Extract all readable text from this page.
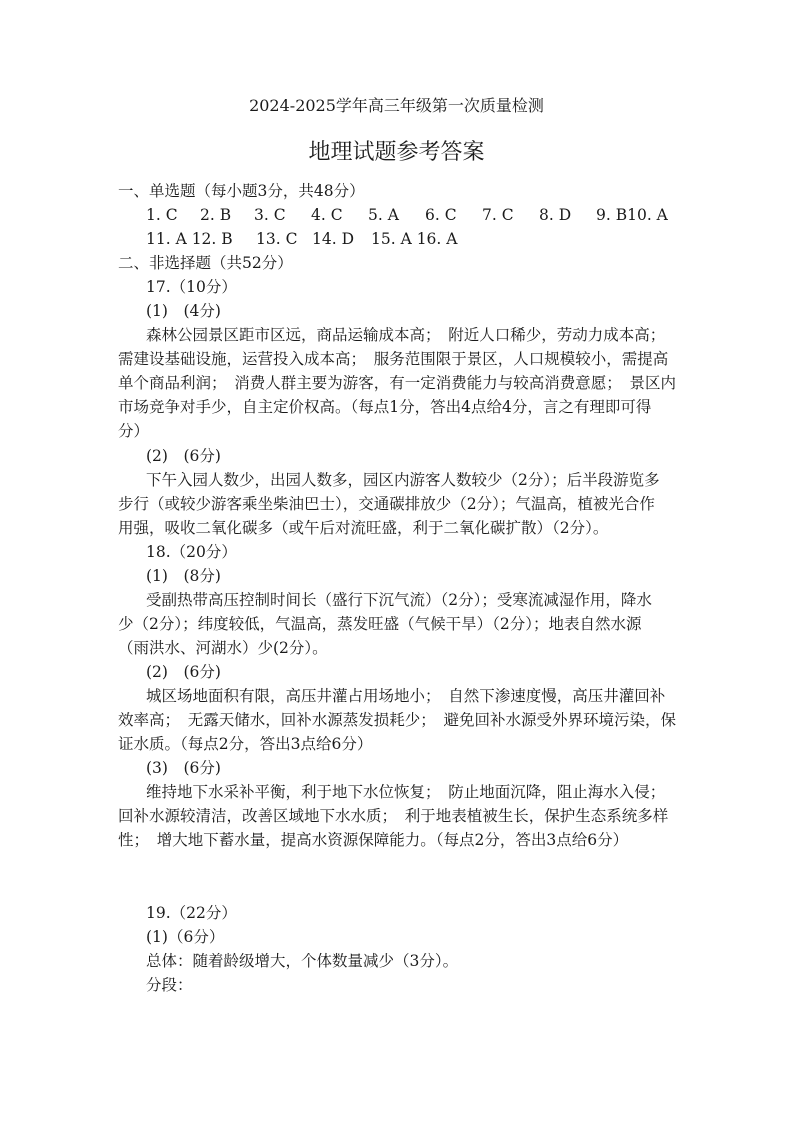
2024-2025学年高三年级第一次质量检测
地理试题参考答案
一、单选题（每小题3分，共48分）
1. C 2. B 3. C 4. C 5. A 6. C 7. C 8. D 9. B10. A
11. A 12. B 13. C 14. D 15. A 16. A
二、非选择题（共52分）
17.（10分）
(1)　(4分)
森林公园景区距市区远，商品运输成本高；　附近人口稀少，劳动力成本高；
需建设基础设施，运营投入成本高；　服务范围限于景区，人口规模较小，需提高
单个商品利润；　消费人群主要为游客，有一定消费能力与较高消费意愿；　景区内
市场竞争对手少，自主定价权高。（每点1分，答出4点给4分，言之有理即可得
分）
(2)　(6分)
下午入园人数少，出园人数多，园区内游客人数较少（2分）；后半段游览多
步行（或较少游客乘坐柴油巴士），交通碳排放少（2分）；气温高，植被光合作
用强，吸收二氧化碳多（或午后对流旺盛，利于二氧化碳扩散）（2分）。
18.（20分）
(1)　(8分)
受副热带高压控制时间长（盛行下沉气流）（2分）；受寒流减湿作用，降水
少（2分）；纬度较低，气温高，蒸发旺盛（气候干旱）（2分）；地表自然水源
（雨洪水、河湖水）少(2分）。
(2)　(6分)
城区场地面积有限，高压井灌占用场地小；　自然下渗速度慢，高压井灌回补
效率高；　无露天储水，回补水源蒸发损耗少；　避免回补水源受外界环境污染，保
证水质。（每点2分，答出3点给6分）
(3)　(6分)
维持地下水采补平衡，利于地下水位恢复；　防止地面沉降，阻止海水入侵；
回补水源较清洁，改善区域地下水水质；　利于地表植被生长，保护生态系统多样
性；　增大地下蓄水量，提高水资源保障能力。（每点2分，答出3点给6分）
19.（22分）
(1)（6分）
总体：随着龄级增大，个体数量减少（3分）。
分段：
